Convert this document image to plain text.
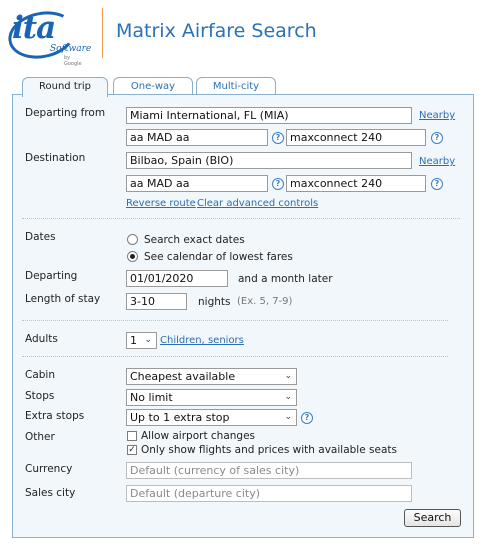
ita
Software
by Google
Matrix Airfare Search
Round trip	One-way	Multi-city
Departing from	Miami International, FL (MIA)	Nearby
aa MAD aa	? maxconnect 240	?
Destination	Bilbao, Spain (BIO)	Nearby
aa MAD aa	? maxconnect 240	?
Reverse route Clear advanced controls
Dates	Search exact dates
See calendar of lowest fares
Departing	01/01/2020	and a month later
Length of stay	3-10	nights (Ex. 5, 7-9)
Adults	1 ⌄ Children, seniors
Cabin	Cheapest available	⌄
Stops	No limit	⌄
Extra stops	Up to 1 extra stop	⌄	?
Other	Allow airport changes
✓ Only show flights and prices with available seats
Currency	Default (currency of sales city)
Sales city	Default (departure city)
Search
